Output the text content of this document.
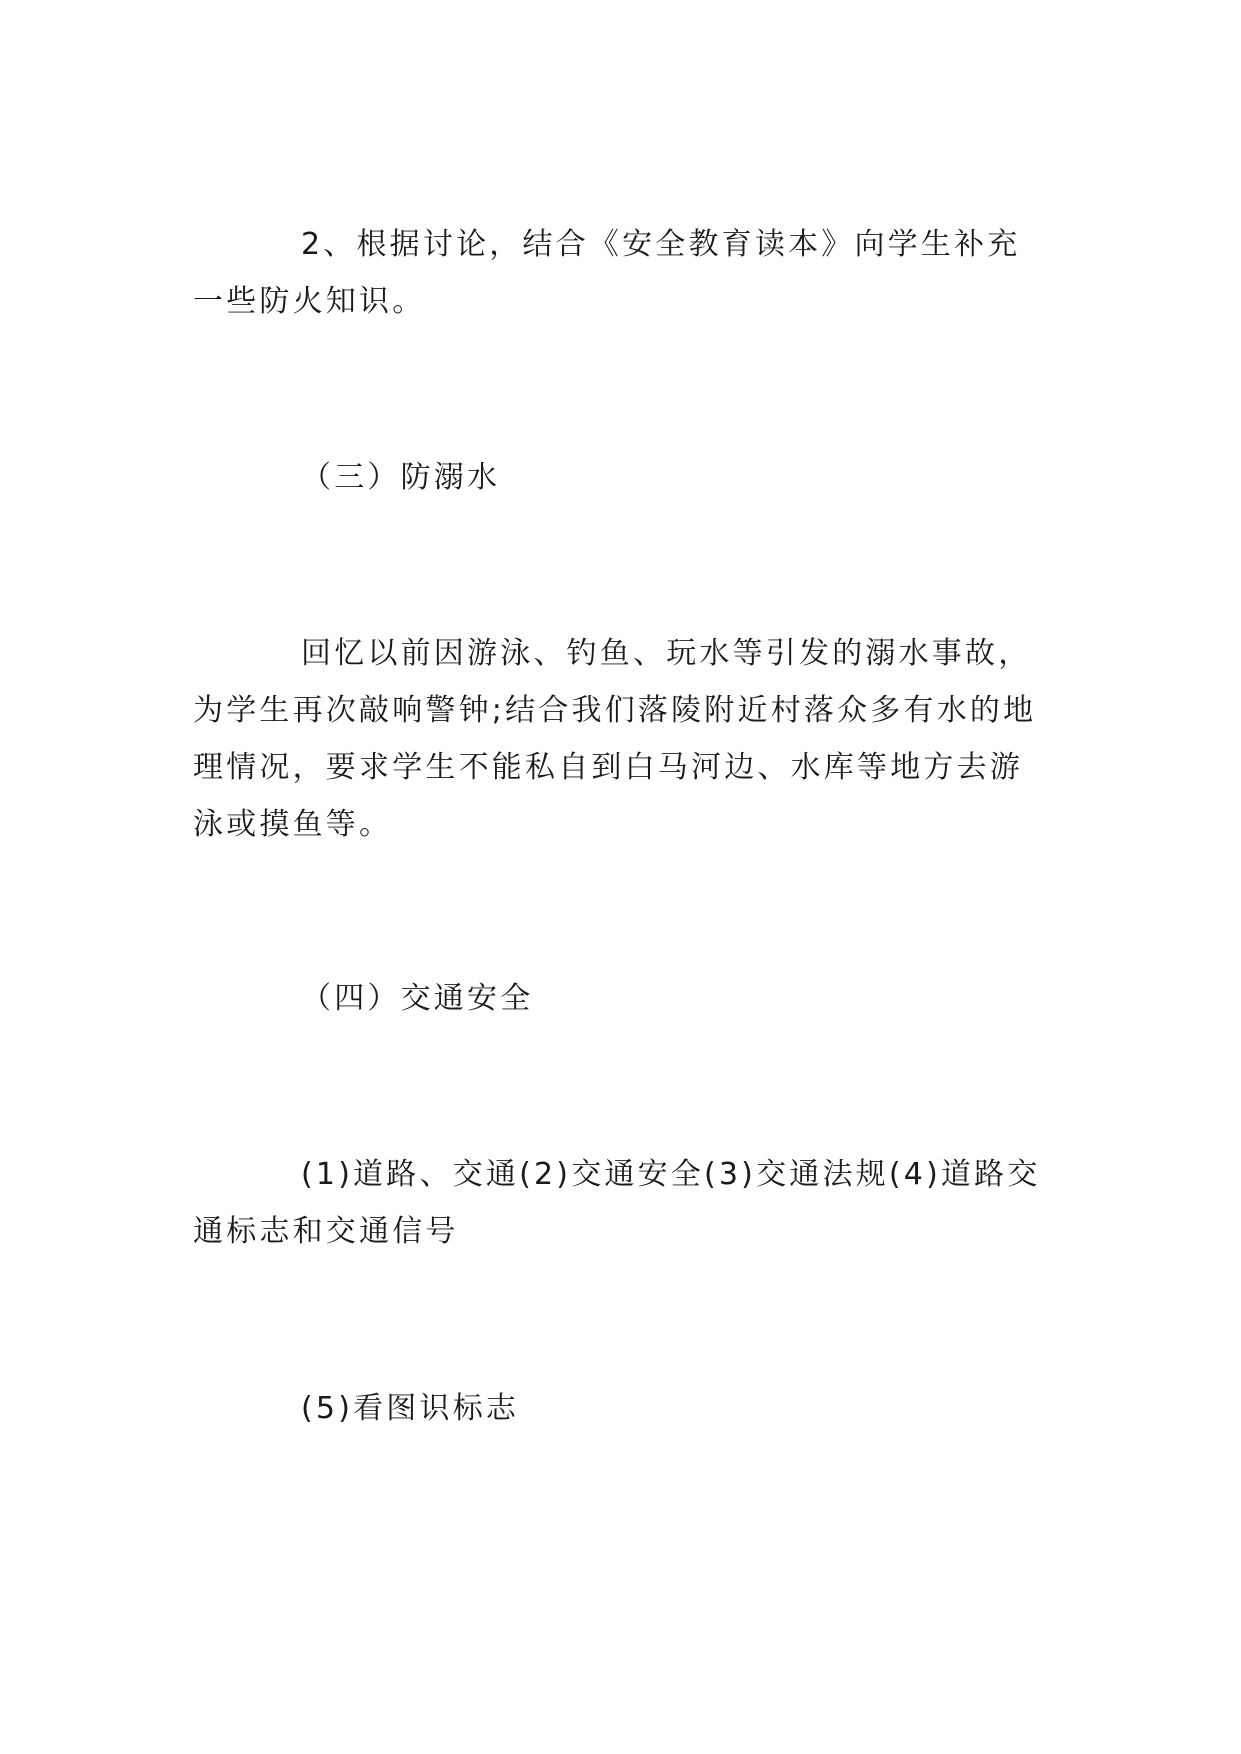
2、根据讨论，结合《安全教育读本》向学生补充一些防火知识。

（三）防溺水

回忆以前因游泳、钓鱼、玩水等引发的溺水事故，为学生再次敲响警钟;结合我们落陵附近村落众多有水的地理情况，要求学生不能私自到白马河边、水库等地方去游泳或摸鱼等。

（四）交通安全

(1)道路、交通(2)交通安全(3)交通法规(4)道路交通标志和交通信号

(5)看图识标志
